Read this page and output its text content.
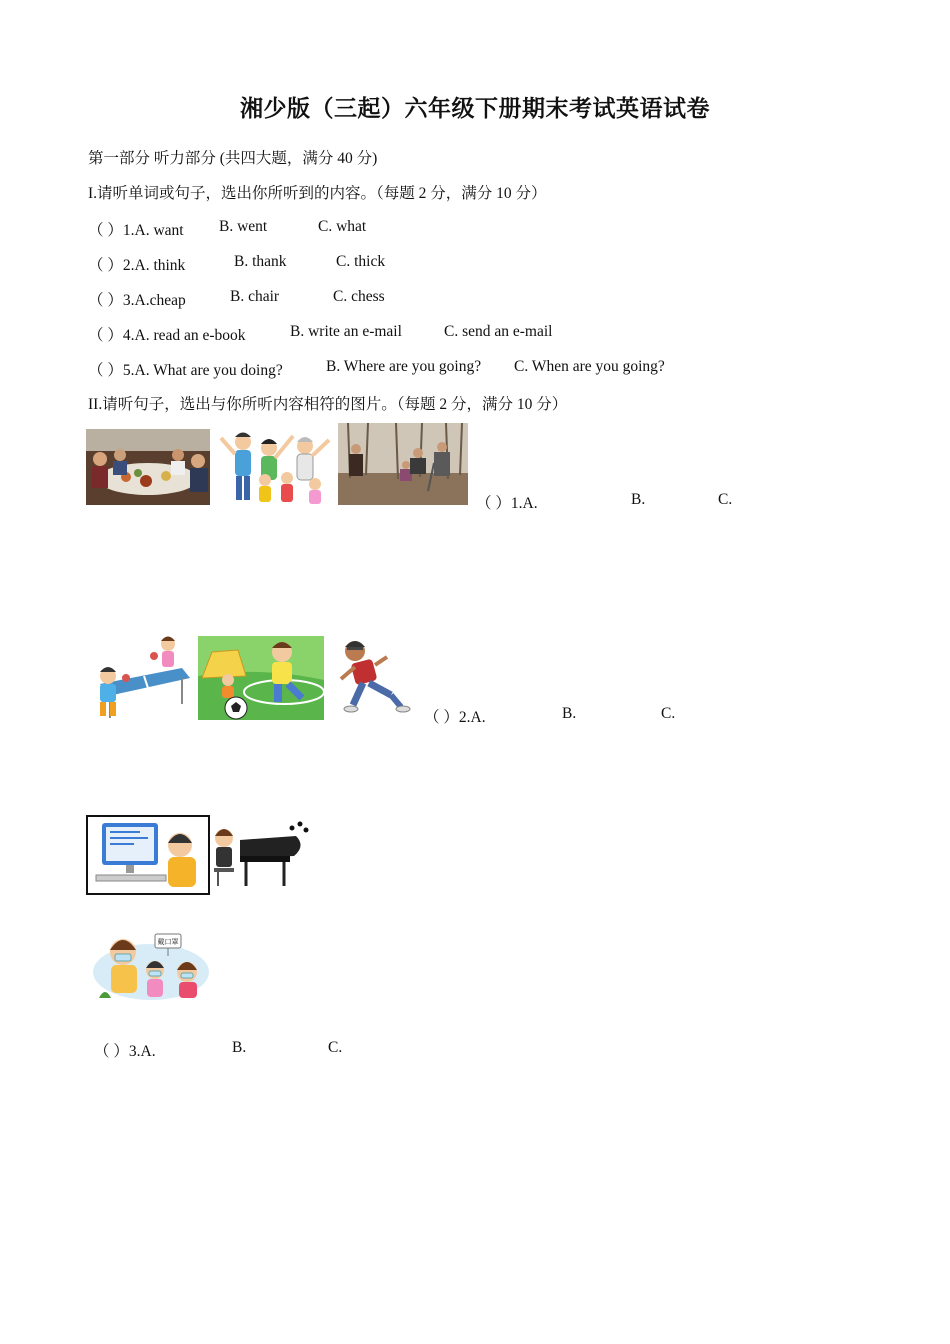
湘少版（三起）六年级下册期末考试英语试卷
第一部分 听力部分 (共四大题，满分 40 分)
I.请听单词或句子，选出你所听到的内容。（每题 2 分，满分 10 分）
（ ）1.A. want B. went	C. what
（ ）2.A. think	B. thank	C. thick
（ ）3.A.cheap	B. chair	C. chess
（ ）4.A. read an e-book	B. write an e-mail	C. send an e-mail
（ ）5.A. What are you doing?	B. Where are you going? C. When are you going?
II.请听句子，选出与你所听内容相符的图片。（每题 2 分，满分 10 分）
（ ）1.A.	B.	C.
（ ）2.A.	B.	C.
戴口罩
（ ）3.A.	B.	C.
